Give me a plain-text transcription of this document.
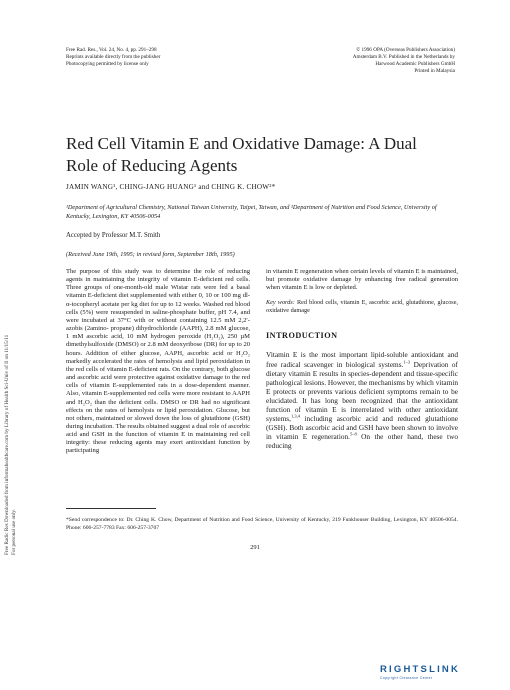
Free Rad. Res., Vol. 24, No. 4, pp. 291–298
Reprints available directly from the publisher
Photocopying permitted by license only
© 1996 OPA (Overseas Publishers Association)
Amsterdam B.V. Published in the Netherlands by
Harwood Academic Publishers GmbH
Printed in Malaysia
Red Cell Vitamin E and Oxidative Damage: A Dual
Role of Reducing Agents
JAMIN WANG¹, CHING-JANG HUANG¹ and CHING K. CHOW²*
¹Department of Agricultural Chemistry, National Taiwan University, Taipei, Taiwan, and ²Department of Nutrition and Food Science, University of Kentucky, Lexington, KY 40506-0054
Accepted by Professor M.T. Smith
(Received June 19th, 1995; in revised form, September 18th, 1995)
The purpose of this study was to determine the role of reducing agents in maintaining the integrity of vitamin E-deficient red cells. Three groups of one-month-old male Wistar rats were fed a basal vitamin E-deficient diet supplemented with either 0, 10 or 100 mg dl-α-tocopheryl acetate per kg diet for up to 12 weeks. Washed red blood cells (5%) were resuspended in saline-phosphate buffer, pH 7.4, and were incubated at 37°C with or without containing 12.5 mM 2,2′-azobis (2amino- propane) dihydrochloride (AAPH), 2.8 mM glucose, 1 mM ascorbic acid, 10 mM hydrogen peroxide (H₂O₂), 250 µM dimethylsulfoxide (DMSO) or 2.8 mM deoxyribose (DR) for up to 20 hours. Addition of either glucose, AAPH, ascorbic acid or H₂O₂ markedly accelerated the rates of hemolysis and lipid peroxidation in the red cells of vitamin E-deficient rats. On the contrary, both glucose and ascorbic acid were protective against oxidative damage to the red cells of vitamin E-supplemented rats in a dose-dependent manner. Also, vitamin E-supplemented red cells were more resistant to AAPH and H₂O₂ than the deficient cells. DMSO or DR had no significant effects on the rates of hemolysis or lipid peroxidation. Glucose, but not others, maintained or slowed down the loss of glutathione (GSH) during incubation. The results obtained suggest a dual role of ascorbic acid and GSH in the function of vitamin E in maintaining red cell integrity: these reducing agents may exert antioxidant function by participating
in vitamin E regeneration when certain levels of vitamin E is maintained, but promote oxidative damage by enhancing free radical generation when vitamin E is low or depleted.
Key words: Red blood cells, vitamin E, ascorbic acid, glutathione, glucose, oxidative damage
INTRODUCTION
Vitamin E is the most important lipid-soluble antioxidant and free radical scavenger in biological systems.$^{1-3}$ Deprivation of dietary vitamin E results in species-dependent and tissue-specific pathological lesions. However, the mechanisms by which vitamin E protects or prevents various deficient symptoms remain to be elucidated. It has long been recognized that the antioxidant function of vitamin E is interrelated with other antioxidant systems,$^{1,3,4}$ including ascorbic acid and reduced glutathione (GSH). Both ascorbic acid and GSH have been shown to involve in vitamin E regeneration.$^{5-8}$ On the other hand, these two reducing
*Send correspondence to: Dr. Ching K. Chow, Department of Nutrition and Food Science, University of Kentucky, 219 Funkhouser Building, Lexington, KY 40506-0054. Phone: 606-257-7783 Fax: 606-257-3707
291
Free Radic Res Downloaded from informahealthcare.com by Library of Health Sci-Univ of Il on 11/15/11 For personal use only.
RIGHTSLINK
Copyright Clearance Center
